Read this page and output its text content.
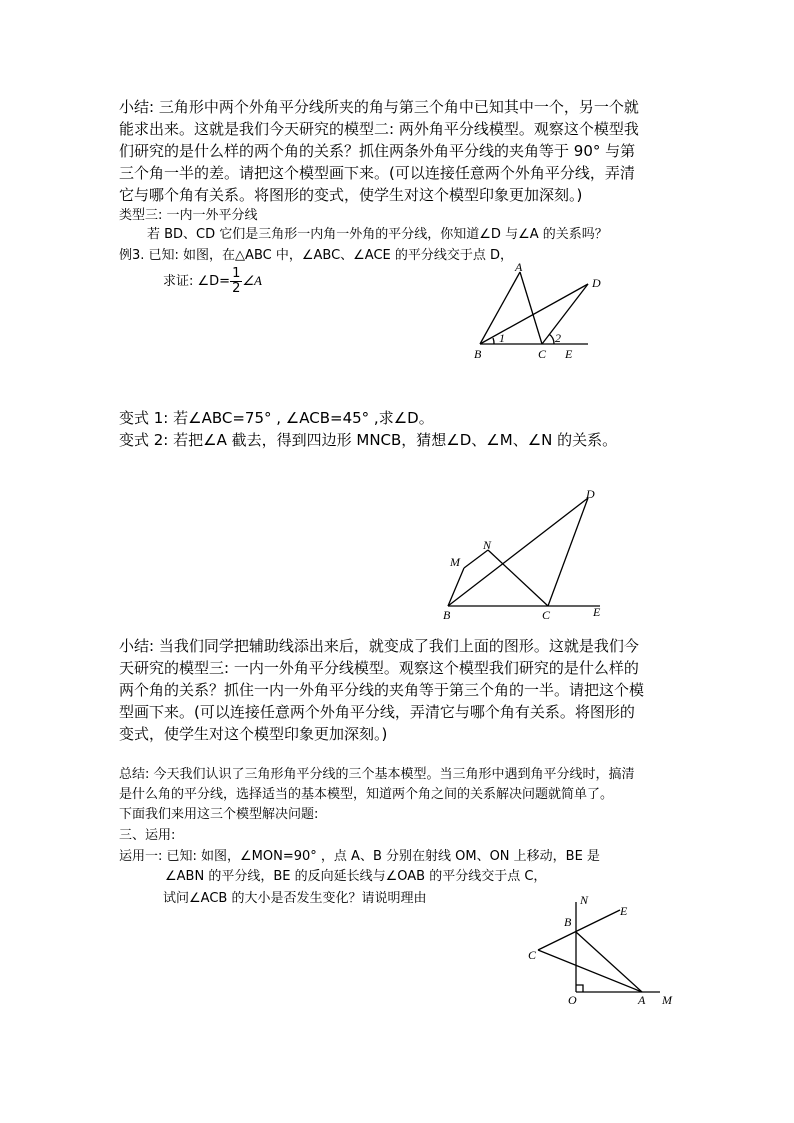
小结: 三角形中两个外角平分线所夹的角与第三个角中已知其中一个，另一个就

能求出来。这就是我们今天研究的模型二: 两外角平分线模型。观察这个模型我

们研究的是什么样的两个角的关系？抓住两条外角平分线的夹角等于 90° 与第

三个角一半的差。请把这个模型画下来。(可以连接任意两个外角平分线，弄清

它与哪个角有关系。将图形的变式，使学生对这个模型印象更加深刻。)

类型三: 一内一外平分线

若 BD、CD 它们是三角形一内角一外角的平分线，你知道∠D 与∠A 的关系吗？

例3. 已知: 如图，在△ABC 中，∠ABC、∠ACE 的平分线交于点 D，

求证: ∠D= $\frac{1}{2}$ ∠A
A
D
B	C E
1	2

变式 1: 若∠ABC=75° , ∠ACB=45° ,求∠D。

变式 2: 若把∠A 截去，得到四边形 MNCB，猜想∠D、∠M、∠N 的关系。

D
N
M
B	C	E

小结: 当我们同学把辅助线添出来后，就变成了我们上面的图形。这就是我们今

天研究的模型三: 一内一外角平分线模型。观察这个模型我们研究的是什么样的

两个角的关系？抓住一内一外角平分线的夹角等于第三个角的一半。请把这个模

型画下来。(可以连接任意两个外角平分线，弄清它与哪个角有关系。将图形的

变式，使学生对这个模型印象更加深刻。)

总结: 今天我们认识了三角形角平分线的三个基本模型。当三角形中遇到角平分线时，搞清

是什么角的平分线，选择适当的基本模型，知道两个角之间的关系解决问题就简单了。

下面我们来用这三个模型解决问题:

三、运用:

运用一: 已知: 如图，∠MON=90° ，点 A、B 分别在射线 OM、ON 上移动，BE 是

∠ABN 的平分线，BE 的反向延长线与∠OAB 的平分线交于点 C，

试问∠ACB 的大小是否发生变化？请说明理由	N
E
B
C
O	A M
